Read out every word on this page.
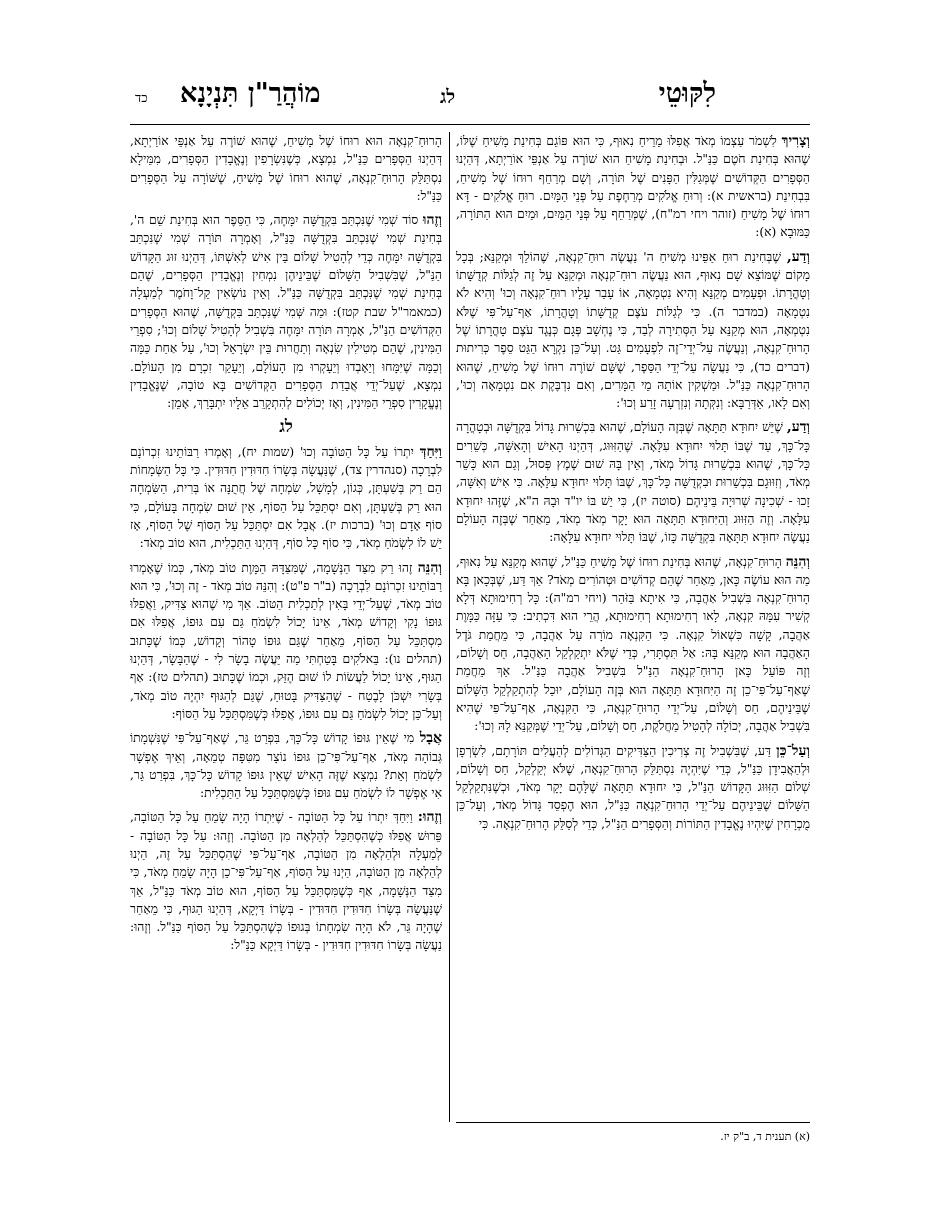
לִקּוּטֵי
לג
מוֹהֲרַ"ן תִּנְיָנָא
כד

וְצָרִיךְ לִשְׁמֹר עַצְמוֹ מְאֹד אֲפִלּוּ מֵרֵיחַ נִאוּף, כִּי הוּא פּוֹגֵם בְּחִינַת מָשִׁיחַ שֶׁלּוֹ, שֶׁהוּא בְּחִינַת חֹטֶם כַּנַּ"ל. וּבְחִינַת מָשִׁיחַ הוּא שׁוֹרֶה עַל אַנְפֵּי אוֹרַיְתָא, דְּהַיְנוּ הַסְּפָרִים הַקְּדוֹשִׁים שֶׁמְּגַלִּין הַפָּנִים שֶׁל תּוֹרָה, וְשָׁם מְרַחֵף רוּחוֹ שֶׁל מָשִׁיחַ, בִּבְחִינַת (בראשית א): וְרוּחַ אֱלֹקִים מְרַחֶפֶת עַל פְּנֵי הַמָּיִם. רוּחַ אֱלֹקִים - דָּא רוּחוֹ שֶׁל מָשִׁיחַ (זוהר ויחי רמ"ח), שֶׁמְּרַחֵף עַל פְּנֵי הַמַּיִם, וּמַיִם הוּא הַתּוֹרָה, כַּמּוּבָא (א):

וְדַע, שֶׁבְּחִינַת רוּחַ אַפֵּינוּ מְשִׁיחַ ה' נַעֲשֶׂה רוּחַ־קִנְאָה, שֶׁהוֹלֵךְ וּמְקַנֵּא; בְּכָל מָקוֹם שֶׁמּוֹצֵא שָׁם נִאוּף, הוּא נַעֲשֶׂה רוּחַ־קִנְאָה וּמְקַנֵּא עַל זֶה לְגַלּוֹת קְדֻשָּׁתוֹ וְטָהֳרָתוֹ. וּפְעָמִים מְקַנֵּא וְהִיא נִטְמָאָה, אוֹ עָבַר עָלָיו רוּחַ־קִנְאָה וְכוּ' וְהִיא לֹא נִטְמָאָה (במדבר ה). כִּי לְגַלּוֹת עֹצֶם קְדֻשָּׁתוֹ וְטָהֳרָתוֹ, אַף־עַל־פִּי שֶׁלֹּא נִטְמְאָה, הוּא מְקַנֵּא עַל הַסְּתִירָה לְבַד, כִּי נֶחְשָׁב פְּגָם כְּנֶגֶד עֹצֶם טָהֳרָתוֹ שֶׁל הָרוּחַ־קִנְאָה, וְנַעֲשֶׂה עַל־יְדֵי־זֶה לִפְעָמִים גַּט. וְעַל־כֵּן נִקְרָא הַגֵּט סֵפֶר כְּרִיתוּת (דברים כד), כִּי נַעֲשָׂה עַל־יְדֵי הַסֵּפֶר, שֶׁשָּׁם שׁוֹרֶה רוּחוֹ שֶׁל מָשִׁיחַ, שֶׁהוּא הָרוּחַ־קִנְאָה כַּנַּ"ל. וּמַשְׁקִין אוֹתָהּ מֵי הַמָּרִים, וְאִם נִדְבֶּקֶת אִם נִטְמָאָה וְכוּ', וְאִם לָאו, אַדְּרַבָּא: וְנִקְּתָה וְנִזְרְעָה זָרַע וְכוּ':

וְדַע, שֶׁיֵּשׁ יִחוּדָא תַּתָּאָה שֶׁבְּזֶה הָעוֹלָם, שֶׁהוּא בִּכְשֵׁרוּת גָּדוֹל בִּקְדֻשָּׁה וּבְטָהֳרָה כָּל־כָּךְ, עַד שֶׁבּוֹ תָּלוּי יִחוּדָא עִלָּאָה. שֶׁהַזִּוּוּג, דְּהַיְנוּ הָאִישׁ וְהָאִשָּׁה, כְּשֵׁרִים כָּל־כָּךְ, שֶׁהוּא בִּכְשֵׁרוּת גָּדוֹל מְאֹד, וְאֵין בָּהּ שׁוּם שֶׁמֶץ פְּסוּל, וְגַם הוּא כָּשֵׁר מְאֹד, וְזִוּוּגָם בִּכְשֵׁרוּת וּבִקְדֻשָּׁה כָּל־כָּךְ, שֶׁבּוֹ תָּלוּי יִחוּדָא עִלָּאָה. כִּי אִישׁ וְאִשָּׁה, זָכוּ - שְׁכִינָה שְׁרוּיָה בֵּינֵיהֶם (סוטה יז), כִּי יֵשׁ בּוֹ יו"ד וּבָהּ ה"א, שֶׁזֶּהוּ יִחוּדָא עִלָּאָה. וְזֶה הַזִּוּוּג וְהַיִּחוּדָא תַּתָּאָה הוּא יָקָר מְאֹד מְאֹד, מֵאַחַר שֶׁבְּזֶה הָעוֹלָם נַעֲשֶׂה יִחוּדָא תַּתָּאָה בִּקְדֻשָּׁה כָּזוֹ, שֶׁבּוֹ תָּלוּי יִחוּדָא עִלָּאָה:

וְהִנֵּה הָרוּחַ־קִנְאָה, שֶׁהוּא בְּחִינַת רוּחוֹ שֶׁל מָשִׁיחַ כַּנַּ"ל, שֶׁהוּא מְקַנֵּא עַל נִאוּף, מַה הוּא עוֹשֶׂה כָּאן, מֵאַחַר שֶׁהֵם קְדוֹשִׁים וּטְהוֹרִים מְאֹד? אַךְ דַּע, שֶׁבְּכָאן בָּא הָרוּחַ־קִנְאָה בִּשְׁבִיל אַהֲבָה, כִּי אִיתָא בַּזֹּהַר (ויחי רמ"ה): כָּל רְחִימוּתָא דְּלָא קְשִׁיר עִמָּהּ קִנְאָה, לָאו רְחִימוּתָא רְחִימוּתָא, הֲרֵי הוּא דִּכְתִיב: כִּי עַזָּה כַּמָּוֶת אַהֲבָה, קָשָׁה כִּשְׁאוֹל קִנְאָה. כִּי הַקִּנְאָה מוֹרָה עַל אַהֲבָה, כִּי מֵחֲמַת גֹּדֶל הָאַהֲבָה הוּא מְקַנֵּא בָּהּ: אַל תִּסְתָּרִי, כְּדֵי שֶׁלֹּא יִתְקַלְקֵל הָאַהֲבָה, חַס וְשָׁלוֹם, וְזֶה פּוֹעֵל כָּאן הָרוּחַ־קִנְאָה הַנַּ"ל בִּשְׁבִיל אַהֲבָה כַּנַּ"ל. אַךְ מֵחֲמַת שֶׁאַף־עַל־פִּי־כֵן זֶה הַיִּחוּדָא תַּתָּאָה הוּא בְּזֶה הָעוֹלָם, יוּכַל לְהִתְקַלְקֵל הַשָּׁלוֹם שֶׁבֵּינֵיהֶם, חַס וְשָׁלוֹם, עַל־יְדֵי הָרוּחַ־קִנְאָה, כִּי הַקִּנְאָה, אַף־עַל־פִּי שֶׁהִיא בִּשְׁבִיל אַהֲבָה, יְכוֹלָה לְהָטִיל מַחֲלֹקֶת, חַס וְשָׁלוֹם, עַל־יְדֵי שֶׁמְּקַנֵּא לָהּ וְכוּ':

וְעַל־כֵּן דַּע, שֶׁבִּשְׁבִיל זֶה צְרִיכִין הַצַּדִּיקִים הַגְּדוֹלִים לְהַעֲלִים תּוֹרָתָם, לִשְׂרְפָן וּלְהַאֲבִידָן כַּנַּ"ל, כְּדֵי שֶׁיִּהְיֶה נִסְתַּלֵּק הָרוּחַ־קִנְאָה, שֶׁלֹּא יְקַלְקֵל, חַס וְשָׁלוֹם, שְׁלוֹם הַזִּוּוּג הַקָּדוֹשׁ הַנַּ"ל, כִּי יִחוּדָא תַּתָּאָה שֶׁלָּהֶם יָקָר מְאֹד, וּכְשֶׁנִּתְקַלְקֵל הַשָּׁלוֹם שֶׁבֵּינֵיהֶם עַל־יְדֵי הָרוּחַ־קִנְאָה כַּנַּ"ל, הוּא הֶפְסֵד גָּדוֹל מְאֹד, וְעַל־כֵּן מֻכְרָחִין שֶׁיִּהְיוּ נֶאֱבָדִין הַתּוֹרוֹת וְהַסְּפָרִים הַנַּ"ל, כְּדֵי לְסַלֵּק הָרוּחַ־קִנְאָה. כִּי

הָרוּחַ־קִנְאָה הוּא רוּחוֹ שֶׁל מָשִׁיחַ, שֶׁהוּא שׁוֹרֶה עַל אַנְפֵּי אוֹרַיְתָא, דְּהַיְנוּ הַסְּפָרִים כַּנַּ"ל, נִמְצָא, כְּשֶׁנִּשְׂרָפִין וְנֶאֱבָדִין הַסְּפָרִים, מִמֵּילָא נִסְתַּלֵּק הָרוּחַ־קִנְאָה, שֶׁהוּא רוּחוֹ שֶׁל מָשִׁיחַ, שֶׁשּׁוֹרָה עַל הַסְּפָרִים כַּנַּ"ל:

וְזֶהוּ סוֹד שְׁמִי שֶׁנִּכְתַּב בִּקְדֻשָּׁה יִמָּחֶה, כִּי הַסֵּפֶר הוּא בְּחִינַת שֵׁם ה', בְּחִינַת שְׁמִי שֶׁנִּכְתַּב בִּקְדֻשָּׁה כַּנַּ"ל, וְאָמְרָה תּוֹרָה שְׁמִי שֶׁנִּכְתַּב בִּקְדֻשָּׁה יִמָּחֶה כְּדֵי לְהָטִיל שָׁלוֹם בֵּין אִישׁ לְאִשְׁתּוֹ, דְּהַיְנוּ זוּג הַקָּדוֹשׁ הַנַּ"ל, שֶׁבִּשְׁבִיל הַשָּׁלוֹם שֶׁבֵּינֵיהֶן נִמְחִין וְנֶאֱבָדִין הַסְּפָרִים, שֶׁהֵם בְּחִינַת שְׁמִי שֶׁנִּכְתַּב בִּקְדֻשָּׁה כַּנַּ"ל. וְאֵין נוֹשְׂאִין קַל־וָחֹמֶר לְמַעְלָה (כמאמר"ל שבת קטז): וּמַה שְּׁמִי שֶׁנִּכְתַּב בִּקְדֻשָּׁה, שֶׁהוּא הַסְּפָרִים הַקְּדוֹשִׁים הַנַּ"ל, אָמְרָה תּוֹרָה יִמָּחֶה בִּשְׁבִיל לְהָטִיל שָׁלוֹם וְכוּ'; סִפְרֵי הַמִּינִין, שֶׁהֵם מְטִילִין שִׂנְאָה וְתַחֲרוּת בֵּין יִשְׂרָאֵל וְכוּ', עַל אַחַת כַּמָּה וְכַמָּה שֶׁיִּמָּחוּ וְיֵאָבְדוּ וְיֵעָקְרוּ מִן הָעוֹלָם, וְיֵעָקֵר זִכְרָם מִן הָעוֹלָם. נִמְצָא, שֶׁעַל־יְדֵי אֲבֵדַת הַסְּפָרִים הַקְּדוֹשִׁים בָּא טוֹבָה, שֶׁנֶּאֱבָדִין וְנֶעֱקָרִין סִפְרֵי הַמִּינִין, וְאָז יְכוֹלִים לְהִתְקָרֵב אֵלָיו יִתְבָּרַךְ, אָמֵן:

לג

וַיִּחַדְּ יִתְרוֹ עַל כָּל הַטּוֹבָה וְכוּ' (שמות יח), וְאָמְרוּ רַבּוֹתֵינוּ זִכְרוֹנָם לִבְרָכָה (סנהדרין צד), שֶׁנַּעֲשָׂה בְּשָׂרוֹ חִדּוּדִין חִדּוּדִין. כִּי כָּל הַשְּׂמָחוֹת הֵם רַק בְּשַׁעְתָּן, כְּגוֹן, לְמָשָׁל, שִׂמְחָה שֶׁל חֲתֻנָּה אוֹ בְּרִית, הַשִּׂמְחָה הוּא רַק בְּשַׁעְתָּן, וְאִם יִסְתַּכֵּל עַל הַסּוֹף, אֵין שׁוּם שִׂמְחָה בָּעוֹלָם, כִּי סוֹף אָדָם וְכוּ' (ברכות יז). אֲבָל אִם יִסְתַּכֵּל עַל הַסּוֹף שֶׁל הַסּוֹף, אָז יֵשׁ לוֹ לִשְׂמֹחַ מְאֹד, כִּי סוֹף כָּל סוֹף, דְּהַיְנוּ הַתַּכְלִית, הוּא טוֹב מְאֹד:

וְהִנֵּה זֶהוּ רַק מִצַּד הַנְּשָׁמָה, שֶׁמִּצַּדָּהּ הַמָּוֶת טוֹב מְאֹד, כְּמוֹ שֶׁאָמְרוּ רַבּוֹתֵינוּ זִכְרוֹנָם לִבְרָכָה (ב"ר פ"ט): וְהִנֵּה טוֹב מְאֹד - זֶה וְכוּ', כִּי הוּא טוֹב מְאֹד, שֶׁעַל־יְדֵי בָּאִין לְתַכְלִית הַטּוֹב. אַךְ מִי שֶׁהוּא צַדִּיק, וַאֲפִלּוּ גּוּפוֹ נָקִי וְקָדוֹשׁ מְאֹד, אֵינוֹ יָכוֹל לִשְׂמֹחַ גַּם עִם גּוּפוֹ, אֲפִלּוּ אִם מִסְתַּכֵּל עַל הַסּוֹף, מֵאַחַר שֶׁגַּם גּוּפוֹ טָהוֹר וְקָדוֹשׁ, כְּמוֹ שֶׁכָּתוּב (תהלים נו): בֵּאלֹקִים בָּטַחְתִּי מַה יַּעֲשֶׂה בָשָׂר לִי - שֶׁהַבָּשָׂר, דְּהַיְנוּ הַגּוּף, אֵינוֹ יָכוֹל לַעֲשׂוֹת לוֹ שׁוּם הֶזֵּק, וּכְמוֹ שֶׁכָּתוּב (תהלים טז): אַף בְּשָׂרִי יִשְׁכֹּן לָבֶטַח - שֶׁהַצַּדִּיק בָּטוּחַ, שֶׁגַּם לְהַגּוּף יִהְיֶה טוֹב מְאֹד, וְעַל־כֵּן יָכוֹל לִשְׂמֹחַ גַּם עִם גּוּפוֹ, אֲפִלּוּ כְּשֶׁמִּסְתַּכֵּל עַל הַסּוֹף:

אֲבָל מִי שֶׁאֵין גּוּפוֹ קָדוֹשׁ כָּל־כָּךְ, בִּפְרַט גֵּר, שֶׁאַף־עַל־פִּי שֶׁנִּשְׁמָתוֹ גְּבוֹהָה מְאֹד, אַף־עַל־פִּי־כֵן גּוּפוֹ נוֹצָר מִטִּפָּה טְמֵאָה, וְאֵיךְ אֶפְשָׁר לִשְׂמֹחַ וְאֵת? נִמְצָא שֶׁזֶּה הָאִישׁ שֶׁאֵין גּוּפוֹ קָדוֹשׁ כָּל־כָּךְ, בִּפְרַט גֵּר, אִי אֶפְשָׁר לוֹ לִשְׂמֹחַ עִם גּוּפוֹ כְּשֶׁמִּסְתַּכֵּל עַל הַתַּכְלִית:

וְזֶהוּ: וַיִּחַדְּ יִתְרוֹ עַל כָּל הַטּוֹבָה - שֶׁיִּתְרוֹ הָיָה שָׂמֵחַ עַל כָּל הַטּוֹבָה, פֵּרוּשׁ אֲפִלּוּ כְּשֶׁהִסְתַּכֵּל לְהַלְאָה מִן הַטּוֹבָה. וְזֶהוּ: עַל כָּל הַטּוֹבָה - לְמַעְלָה וּלְהַלְאָה מִן הַטּוֹבָה, אַף־עַל־פִּי שֶׁהִסְתַּכֵּל עַל זֶה, הַיְנוּ לְהַלְאָה מִן הַטּוֹבָה, הַיְנוּ עַל הַסּוֹף, אַף־עַל־פִּי־כֵן הָיָה שָׂמֵחַ מְאֹד, כִּי מִצַּד הַנְּשָׁמָה, אַף כְּשֶׁמִּסְתַּכֵּל עַל הַסּוֹף, הוּא טוֹב מְאֹד כַּנַּ"ל, אַךְ שֶׁנַּעֲשָׂה בְּשָׂרוֹ חִדּוּדִין חִדּוּדִין - בְּשָׂרוֹ דַּיְקָא, דְּהַיְנוּ הַגּוּף, כִּי מֵאַחַר שֶׁהָיָה גֵּר, לֹא הָיָה שִׂמְחָתוֹ בְּגוּפוֹ כְּשֶׁהִסְתַּכֵּל עַל הַסּוֹף כַּנַּ"ל. וְזֶהוּ: נַעֲשָׂה בְּשָׂרוֹ חִדּוּדִין חִדּוּדִין - בְּשָׂרוֹ דַּיְקָא כַּנַּ"ל:

(א) תענית ד, ב"ק יז.
